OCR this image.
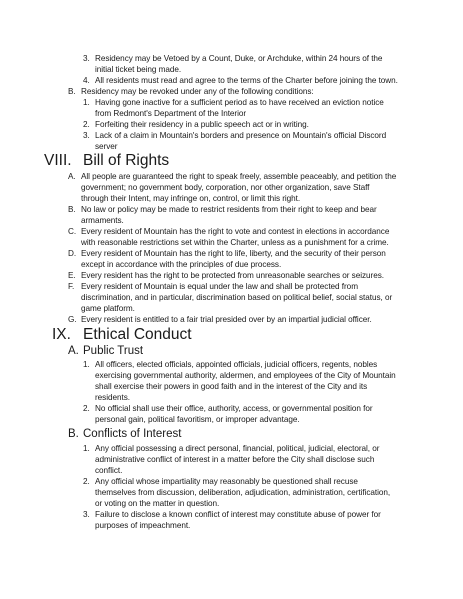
3. Residency may be Vetoed by a Count, Duke, or Archduke, within 24 hours of the
initial ticket being made.
4. All residents must read and agree to the terms of the Charter before joining the town.
B. Residency may be revoked under any of the following conditions:
1. Having gone inactive for a sufficient period as to have received an eviction notice
from Redmont's Department of the Interior
2. Forfeiting their residency in a public speech act or in writing.
3. Lack of a claim in Mountain's borders and presence on Mountain's official Discord
server
VIII. Bill of Rights
A. All people are guaranteed the right to speak freely, assemble peaceably, and petition the
government; no government body, corporation, nor other organization, save Staff
through their Intent, may infringe on, control, or limit this right.
B. No law or policy may be made to restrict residents from their right to keep and bear
armaments.
C. Every resident of Mountain has the right to vote and contest in elections in accordance
with reasonable restrictions set within the Charter, unless as a punishment for a crime.
D. Every resident of Mountain has the right to life, liberty, and the security of their person
except in accordance with the principles of due process.
E. Every resident has the right to be protected from unreasonable searches or seizures.
F. Every resident of Mountain is equal under the law and shall be protected from
discrimination, and in particular, discrimination based on political belief, social status, or
game platform.
G. Every resident is entitled to a fair trial presided over by an impartial judicial officer.
IX. Ethical Conduct
A. Public Trust
1. All officers, elected officials, appointed officials, judicial officers, regents, nobles
exercising governmental authority, aldermen, and employees of the City of Mountain
shall exercise their powers in good faith and in the interest of the City and its
residents.
2. No official shall use their office, authority, access, or governmental position for
personal gain, political favoritism, or improper advantage.
B. Conflicts of Interest
1. Any official possessing a direct personal, financial, political, judicial, electoral, or
administrative conflict of interest in a matter before the City shall disclose such
conflict.
2. Any official whose impartiality may reasonably be questioned shall recuse
themselves from discussion, deliberation, adjudication, administration, certification,
or voting on the matter in question.
3. Failure to disclose a known conflict of interest may constitute abuse of power for
purposes of impeachment.
